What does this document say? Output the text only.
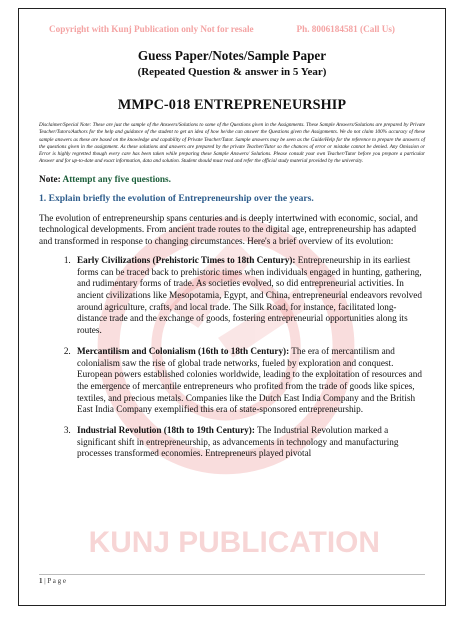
KUNJ PUBLICATION
Copyright with Kunj Publication only Not for resale	Ph. 8006184581 (Call Us)
Guess Paper/Notes/Sample Paper
(Repeated Question & answer in 5 Year)
MMPC-018 ENTREPRENEURSHIP
Disclaimer/Special Note: These are just the sample of the Answers/Solutions to some of the Questions given in the Assignments. These Sample Answers/Solutions are prepared by Private Teacher/Tutors/Authors for the help and guidance of the student to get an idea of how he/she can answer the Questions given the Assignments. We do not claim 100% accuracy of these sample answers as these are based on the knowledge and capability of Private Teacher/Tutor. Sample answers may be seen as the Guide/Help for the reference to prepare the answers of the questions given in the assignment. As these solutions and answers are prepared by the private Teacher/Tutor so the chances of error or mistake cannot be denied. Any Omission or Error is highly regretted though every care has been taken while preparing these Sample Answers/ Solutions. Please consult your own Teacher/Tutor before you prepare a particular Answer and for up-to-date and exact information, data and solution. Student should must read and refer the official study material provided by the university.
Note: Attempt any five questions.
1. Explain briefly the evolution of Entrepreneurship over the years.
The evolution of entrepreneurship spans centuries and is deeply intertwined with economic, social, and technological developments. From ancient trade routes to the digital age, entrepreneurship has adapted and transformed in response to changing circumstances. Here's a brief overview of its evolution:
1. Early Civilizations (Prehistoric Times to 18th Century): Entrepreneurship in its earliest forms can be traced back to prehistoric times when individuals engaged in hunting, gathering, and rudimentary forms of trade. As societies evolved, so did entrepreneurial activities. In ancient civilizations like Mesopotamia, Egypt, and China, entrepreneurial endeavors revolved around agriculture, crafts, and local trade. The Silk Road, for instance, facilitated long-distance trade and the exchange of goods, fostering entrepreneurial opportunities along its routes.
2. Mercantilism and Colonialism (16th to 18th Century): The era of mercantilism and colonialism saw the rise of global trade networks, fueled by exploration and conquest. European powers established colonies worldwide, leading to the exploitation of resources and the emergence of mercantile entrepreneurs who profited from the trade of goods like spices, textiles, and precious metals. Companies like the Dutch East India Company and the British East India Company exemplified this era of state-sponsored entrepreneurship.
3. Industrial Revolution (18th to 19th Century): The Industrial Revolution marked a significant shift in entrepreneurship, as advancements in technology and manufacturing processes transformed economies. Entrepreneurs played pivotal
1 | P a g e
